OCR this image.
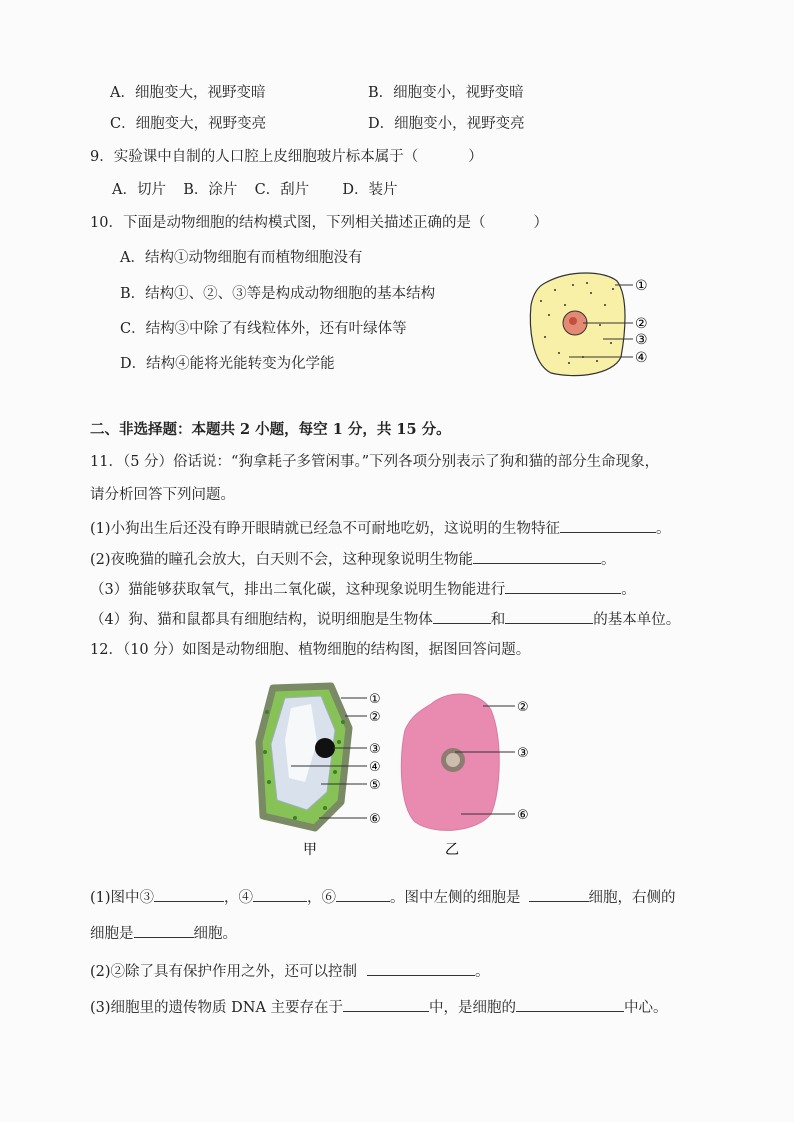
A．细胞变大，视野变暗	B．细胞变小，视野变暗
C．细胞变大，视野变亮	D．细胞变小，视野变亮
9．实验课中自制的人口腔上皮细胞玻片标本属于（	）
A．切片 B．涂片 C．刮片 D．装片
10．下面是动物细胞的结构模式图，下列相关描述正确的是（	）
A．结构①动物细胞有而植物细胞没有
B．结构①、②、③等是构成动物细胞的基本结构
C．结构③中除了有线粒体外，还有叶绿体等
D．结构④能将光能转变为化学能
①
②
③
④
二、非选择题：本题共 2 小题，每空 1 分，共 15 分。
11．（5 分）俗话说：“狗拿耗子多管闲事。”下列各项分别表示了狗和猫的部分生命现象，
请分析回答下列问题。
(1)小狗出生后还没有睁开眼睛就已经急不可耐地吃奶，这说明的生物特征	。
(2)夜晚猫的瞳孔会放大，白天则不会，这种现象说明生物能	。
（3）猫能够获取氧气，排出二氧化碳，这种现象说明生物能进行	。
（4）狗、猫和鼠都具有细胞结构，说明细胞是生物体	和	的基本单位。
12．（10 分）如图是动物细胞、植物细胞的结构图，据图回答问题。
①
②
③
④
⑤
⑥
②
③
⑥
甲	乙
(1)图中③	，④	，⑥	。图中左侧的细胞是	细胞，右侧的
细胞是	细胞。
(2)②除了具有保护作用之外，还可以控制	。
(3)细胞里的遗传物质 DNA 主要存在于	中，是细胞的	中心。
